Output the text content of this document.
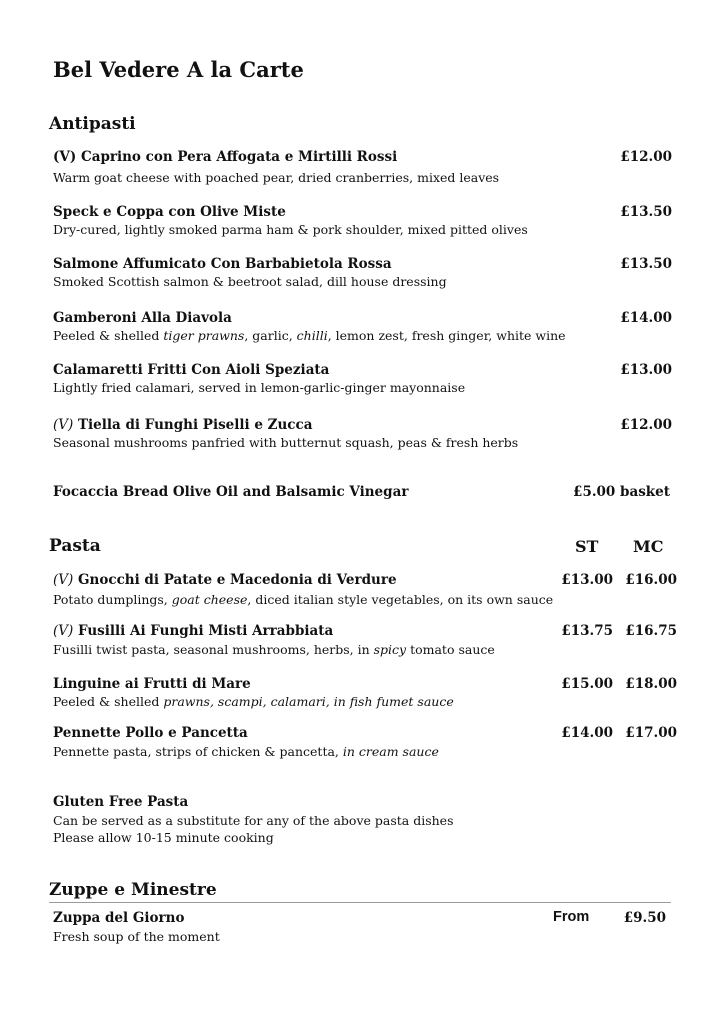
Bel Vedere A la Carte
Antipasti
(V) Caprino con Pera Affogata e Mirtilli Rossi	£12.00
Warm goat cheese with poached pear, dried cranberries, mixed leaves
Speck e Coppa con Olive Miste	£13.50
Dry-cured, lightly smoked parma ham & pork shoulder, mixed pitted olives
Salmone Affumicato Con Barbabietola Rossa	£13.50
Smoked Scottish salmon & beetroot salad, dill house dressing
Gamberoni Alla Diavola	£14.00
Peeled & shelled tiger prawns, garlic, chilli, lemon zest, fresh ginger, white wine
Calamaretti Fritti Con Aioli Speziata	£13.00
Lightly fried calamari, served in lemon-garlic-ginger mayonnaise
(V) Tiella di Funghi Piselli e Zucca	£12.00
Seasonal mushrooms panfried with butternut squash, peas & fresh herbs
Focaccia Bread Olive Oil and Balsamic Vinegar	£5.00 basket
Pasta	ST MC
(V) Gnocchi di Patate e Macedonia di Verdure	£13.00 £16.00
Potato dumplings, goat cheese, diced italian style vegetables, on its own sauce
(V) Fusilli Ai Funghi Misti Arrabbiata	£13.75 £16.75
Fusilli twist pasta, seasonal mushrooms, herbs, in spicy tomato sauce
Linguine ai Frutti di Mare	£15.00 £18.00
Peeled & shelled prawns, scampi, calamari, in fish fumet sauce
Pennette Pollo e Pancetta	£14.00 £17.00
Pennette pasta, strips of chicken & pancetta, in cream sauce
Gluten Free Pasta
Can be served as a substitute for any of the above pasta dishes
Please allow 10-15 minute cooking
Zuppe e Minestre
Zuppa del Giorno	From	£9.50
Fresh soup of the moment
